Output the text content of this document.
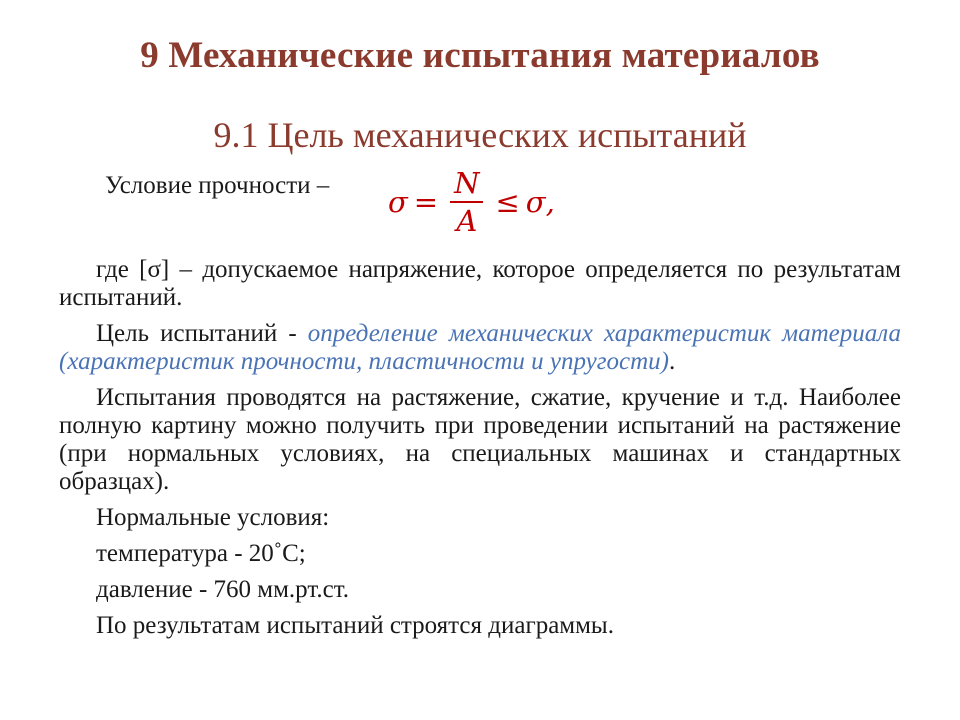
9 Механические испытания материалов
9.1 Цель механических испытаний
Условие прочности – $\sigma = \frac{N}{A} \le \sigma$,

где [σ] – допускаемое напряжение, которое определяется по результатам испытаний.

Цель испытаний - определение механических характеристик материала (характеристик прочности, пластичности и упругости).

Испытания проводятся на растяжение, сжатие, кручение и т.д. Наиболее полную картину можно получить при проведении испытаний на растяжение (при нормальных условиях, на специальных машинах и стандартных образцах).

Нормальные условия:

температура - 20˚С;

давление - 760 мм.рт.ст.

По результатам испытаний строятся диаграммы.
